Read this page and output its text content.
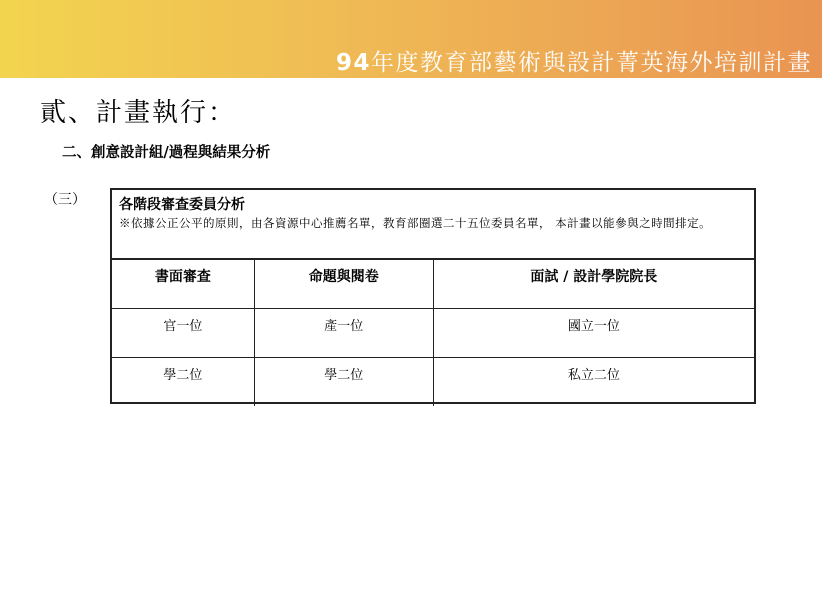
94年度教育部藝術與設計菁英海外培訓計畫
貳、計畫執行：
二、創意設計組/過程與結果分析
（三） 各階段審查委員分析
※依據公正公平的原則，由各資源中心推薦名單，教育部圈選二十五位委員名單， 本計畫以能參與之時間排定。
書面審查	命題與閱卷	面試 / 設計學院院長

官一位	產一位	國立一位

學二位	學二位	私立二位
